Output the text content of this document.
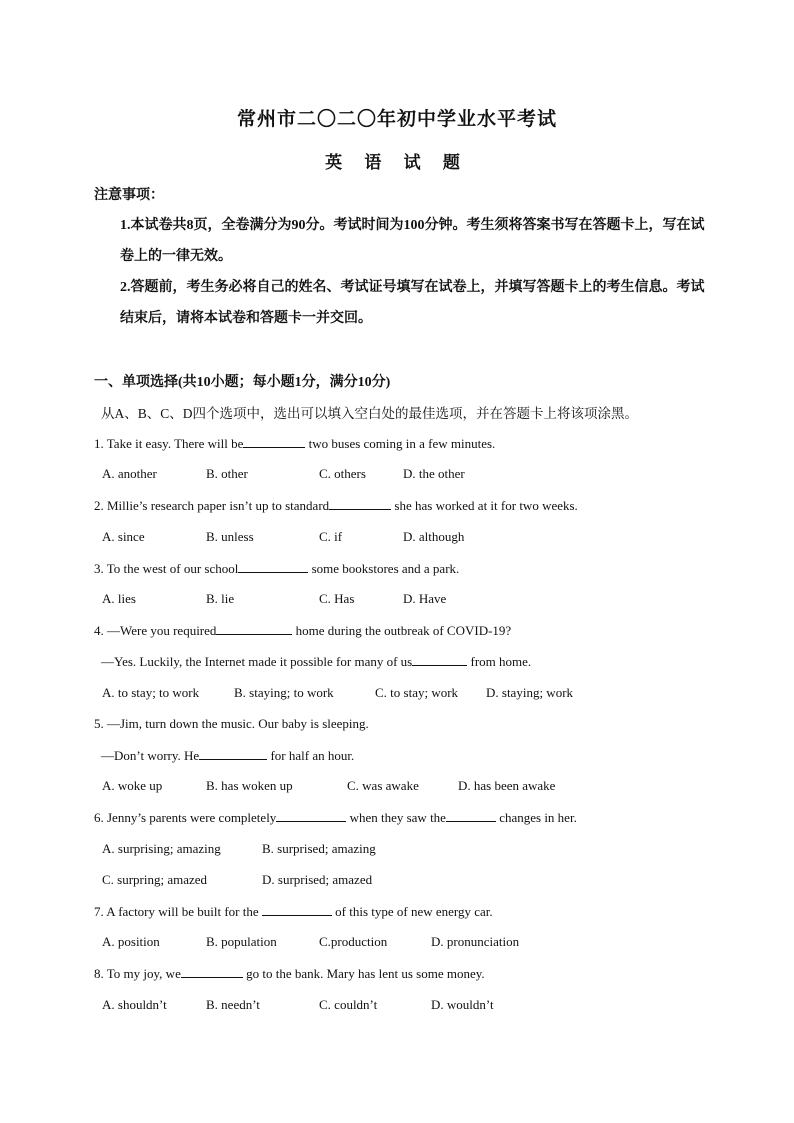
常州市二〇二〇年初中学业水平考试
英 语 试 题
注意事项：
1.本试卷共8页，全卷满分为90分。考试时间为100分钟。考生须将答案书写在答题卡上，写在试卷上的一律无效。
2.答题前，考生务必将自己的姓名、考试证号填写在试卷上，并填写答题卡上的考生信息。考试结束后，请将本试卷和答题卡一并交回。
一、单项选择(共10小题；每小题1分，满分10分)
从A、B、C、D四个选项中，选出可以填入空白处的最佳选项，并在答题卡上将该项涂黑。
1. Take it easy. There will be	two buses coming in a few minutes.
A. another	B. other	C. others	D. the other
2. Millie’s research paper isn’t up to standard	she has worked at it for two weeks.
A. since	B. unless	C. if	D. although
3. To the west of our school	some bookstores and a park.
A. lies	B. lie	C. Has	D. Have
4. —Were you required	home during the outbreak of COVID-19?
—Yes. Luckily, the Internet made it possible for many of us	from home.
A. to stay; to work	B. staying; to work	C. to stay; work D. staying; work
5. —Jim, turn down the music. Our baby is sleeping.
—Don’t worry. He	for half an hour.
A. woke up	B. has woken up	C. was awake	D. has been awake
6. Jenny’s parents were completely	when they saw the	changes in her.
A. surprising; amazing	B. surprised; amazing
C. surpring; amazed	D. surprised; amazed
7. A factory will be built for the	of this type of new energy car.
A. position	B. population	C.production	D. pronunciation
8. To my joy, we	go to the bank. Mary has lent us some money.
A. shouldn’t	B. needn’t	C. couldn’t	D. wouldn’t
